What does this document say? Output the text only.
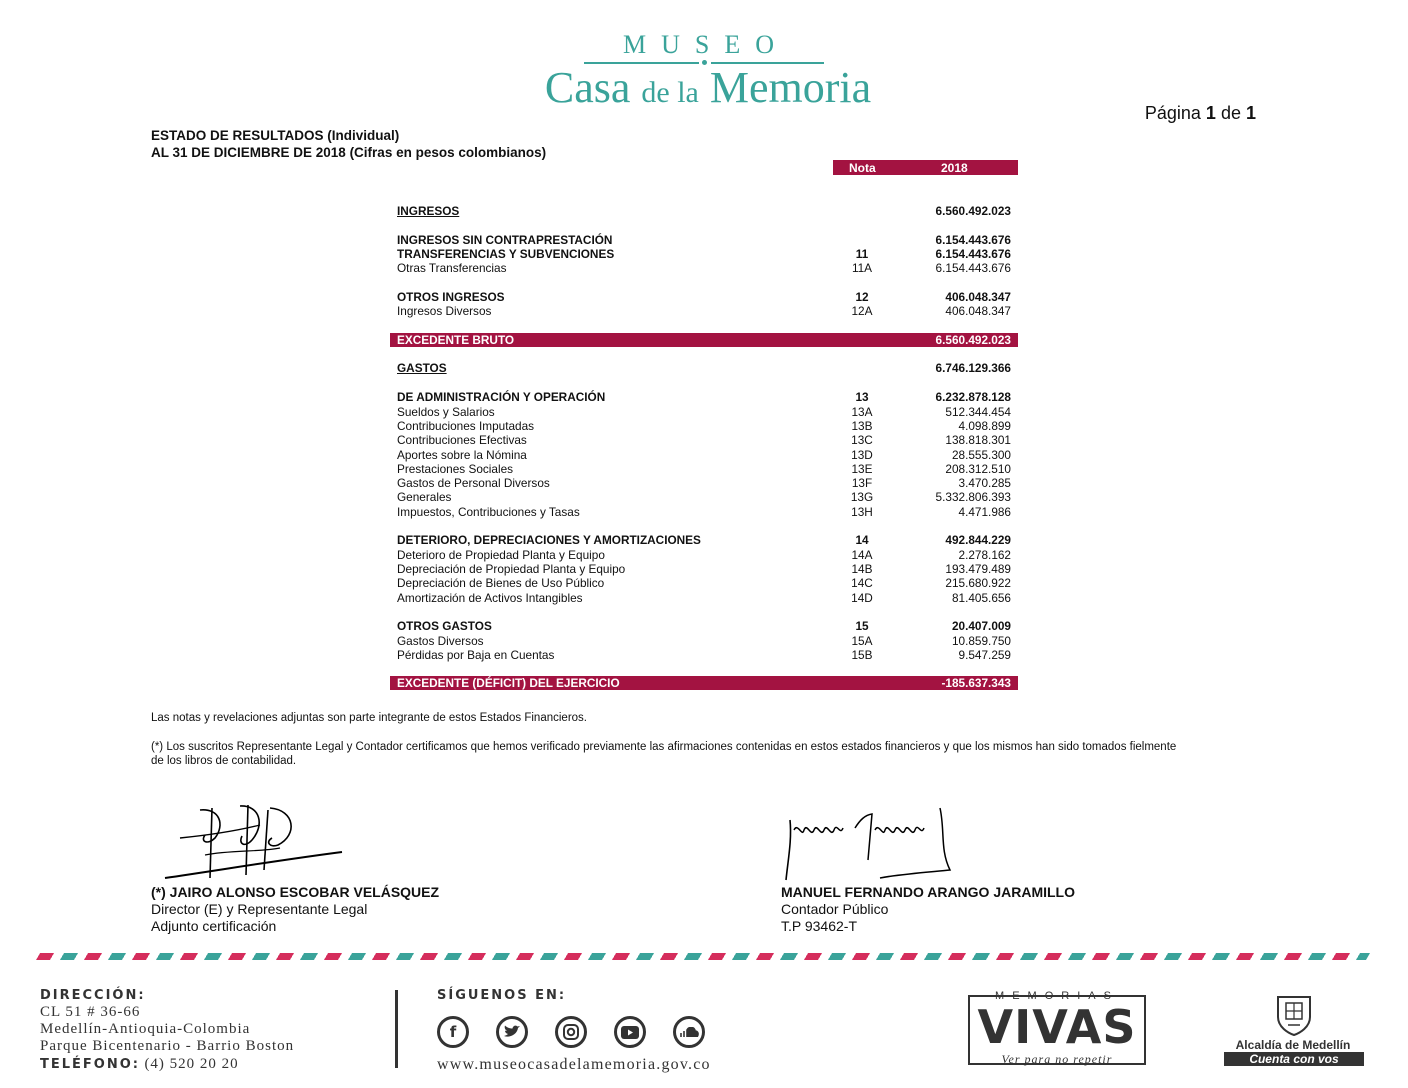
MUSEO
Casa de la Memoria
Página 1 de 1
ESTADO DE RESULTADOS (Individual)
AL 31 DE DICIEMBRE DE 2018 (Cifras en pesos colombianos)
Nota	2018
INGRESOS	6.560.492.023
INGRESOS SIN CONTRAPRESTACIÓN	6.154.443.676
TRANSFERENCIAS Y SUBVENCIONES	11	6.154.443.676
Otras Transferencias	11A	6.154.443.676
OTROS INGRESOS	12	406.048.347
Ingresos Diversos	12A	406.048.347
EXCEDENTE BRUTO	6.560.492.023
GASTOS	6.746.129.366
DE ADMINISTRACIÓN Y OPERACIÓN	13	6.232.878.128
Sueldos y Salarios	13A	512.344.454
Contribuciones Imputadas	13B	4.098.899
Contribuciones Efectivas	13C	138.818.301
Aportes sobre la Nómina	13D	28.555.300
Prestaciones Sociales	13E	208.312.510
Gastos de Personal Diversos	13F	3.470.285
Generales	13G	5.332.806.393
Impuestos, Contribuciones y Tasas	13H	4.471.986
DETERIORO, DEPRECIACIONES Y AMORTIZACIONES	14	492.844.229
Deterioro de Propiedad Planta y Equipo	14A	2.278.162
Depreciación de Propiedad Planta y Equipo	14B	193.479.489
Depreciación de Bienes de Uso Público	14C	215.680.922
Amortización de Activos Intangibles	14D	81.405.656
OTROS GASTOS	15	20.407.009
Gastos Diversos	15A	10.859.750
Pérdidas por Baja en Cuentas	15B	9.547.259
EXCEDENTE (DÉFICIT) DEL EJERCICIO	-185.637.343
Las notas y revelaciones adjuntas son parte integrante de estos Estados Financieros.
(*) Los suscritos Representante Legal y Contador certificamos que hemos verificado previamente las afirmaciones contenidas en estos estados financieros y que los mismos han sido tomados fielmente
de los libros de contabilidad.
(*) JAIRO ALONSO ESCOBAR VELÁSQUEZ
Director (E) y Representante Legal
Adjunto certificación
MANUEL FERNANDO ARANGO JARAMILLO
Contador Público
T.P 93462-T
DIRECCIÓN:
CL 51 # 36-66
Medellín-Antioquia-Colombia
Parque Bicentenario - Barrio Boston
TELÉFONO: (4) 520 20 20
SÍGUENOS EN:
f
www.museocasadelamemoria.gov.co
MEMORIAS
VIVAS
Ver para no repetir
Alcaldía de Medellín
Cuenta con vos
